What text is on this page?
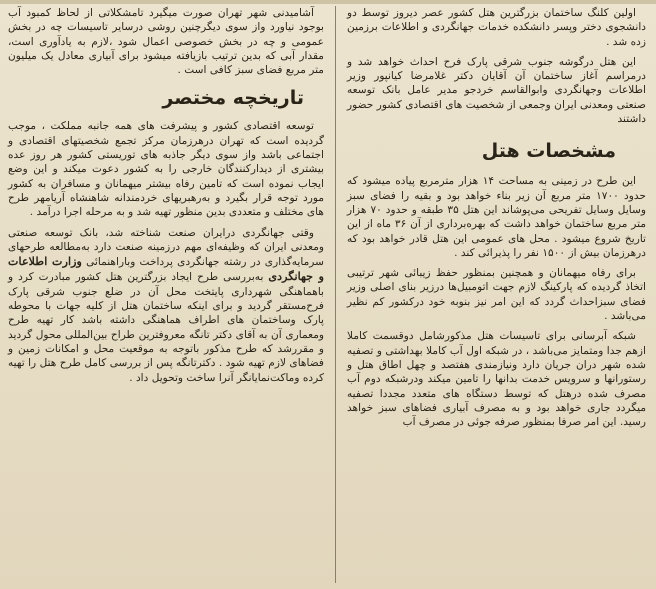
اولین کلنگ ساختمان بزرگترین هتل کشور عصر دیروز توسط دو دانشجوی دختر وپسر دانشکده خدمات جهانگردی و اطلاعات برزمین زده شد .

این هتل درگوشه جنوب شرقی پارک فرح احداث خواهد شد و درمراسم آغاز ساختمان آن آقایان دکتر غلامرضا کیانپور وزیر اطلاعات وجهانگردی وابوالقاسم خردجو مدیر عامل بانک توسعه صنعتی ومعدنی ایران وجمعی از شخصیت های اقتصادی کشور حضور داشتند

مشخصات هتل

این طرح در زمینی به مساحت ۱۴ هزار مترمربع پیاده میشود که حدود ۱۷۰۰ متر مربع آن زیر بناء خواهد بود و بقیه را فضای سبز وسایل وسایل تفریحی می‌پوشاند این هتل ۳۵ طبقه و حدود ۷۰ هزار متر مربع ساختمان خواهد داشت که بهره‌برداری از آن ۳۶ ماه از این تاریخ شروع میشود . محل های عمومی این هتل قادر خواهد بود که درهرزمان بیش از ۱۵۰۰ نفر را پذیرائی کند .

برای رفاه میهمانان و همچنین بمنظور حفظ زیبائی شهر ترتیبی اتخاذ گردیده که پارکینگ لازم جهت اتومبیل‌ها درزیر بنای اصلی وزیر فضای سبزاحداث گردد که این امر نیز بنوبه خود درکشور کم نظیر می‌باشد .

شبکه آبرسانی برای تاسیسات هتل مذکورشامل دوقسمت کاملا ازهم جدا ومتمایز می‌باشد ، در شبکه اول آب کاملا بهداشتی و تصفیه شده شهر دران جریان دارد ونیازمندی هفتصد و چهل اطاق هتل و رستورانها و سرویس خدمت بدانها را تامین میکند ودرشبکه دوم آب مصرف شده درهتل که توسط دستگاه های متعدد مجددا تصفیه میگردد جاری خواهد بود و به مصرف آبیاری فضاهای سبز خواهد رسید. این امر صرفا بمنظور صرفه جوئی در مصرف آب

آشامیدنی شهر تهران صورت میگیرد تامشکلاتی از لحاظ کمبود آب بوجود نیاورد واز سوی دیگرچنین روشی درسایر تاسیسات چه در بخش عمومی و چه در بخش خصوصی اعمال شود ،لازم به یادآوری است، مقدار آبی که بدین ترتیب بازیافته میشود برای آبیاری معادل یک میلیون متر مربع فضای سبز کافی است .

تاریخچه مختصر

توسعه اقتصادی کشور و پیشرفت های همه جانبه مملکت ، موجب گردیده است که تهران درهرزمان مرکز تجمع شخصیتهای اقتصادی و اجتماعی باشد واز سوی دیگر جاذبه های توریستی کشور هر روز عده بیشتری از دیدارکنندگان خارجی را به کشور دعوت میکند و این وضع ایجاب نموده است که تامین رفاه بیشتر میهمانان و مسافران به کشور مورد توجه قرار بگیرد و به‌رهبریهای خردمندانه شاهنشاه آریامهر طرح های مختلف و متعددی بدین منظور تهیه شد و به مرحله اجرا درآمد .

وقتی جهانگردی درایران صنعت شناخته شد، بانک توسعه صنعتی ومعدنی ایران که وظیفه‌ای مهم درزمینه صنعت دارد به‌مطالعه طرحهای سرمایه‌گذاری در رشته جهانگردی پرداخت وباراهنمائی وزارت اطلاعات و جهانگردی به‌بررسی طرح ایجاد بزرگترین هتل کشور مبادرت کرد و باهماهنگی شهرداری پایتخت محل آن در ضلع جنوب شرقی پارک فرح‌مستقر گردید و برای اینکه ساختمان هتل از کلیه جهات با محوطه پارک وساختمان های اطراف هماهنگی داشته باشد کار تهیه طرح ومعماری آن به آقای دکتر تانگه معروفترین طراح بین‌المللی محول گردید و مقررشد که طرح مذکور باتوجه به موقعیت محل و امکانات زمین و فضاهای لازم تهیه شود . دکترتانگه پس از بررسی کامل طرح هتل را تهیه کرده وماکت‌نمایانگر آنرا ساخت وتحویل داد .
